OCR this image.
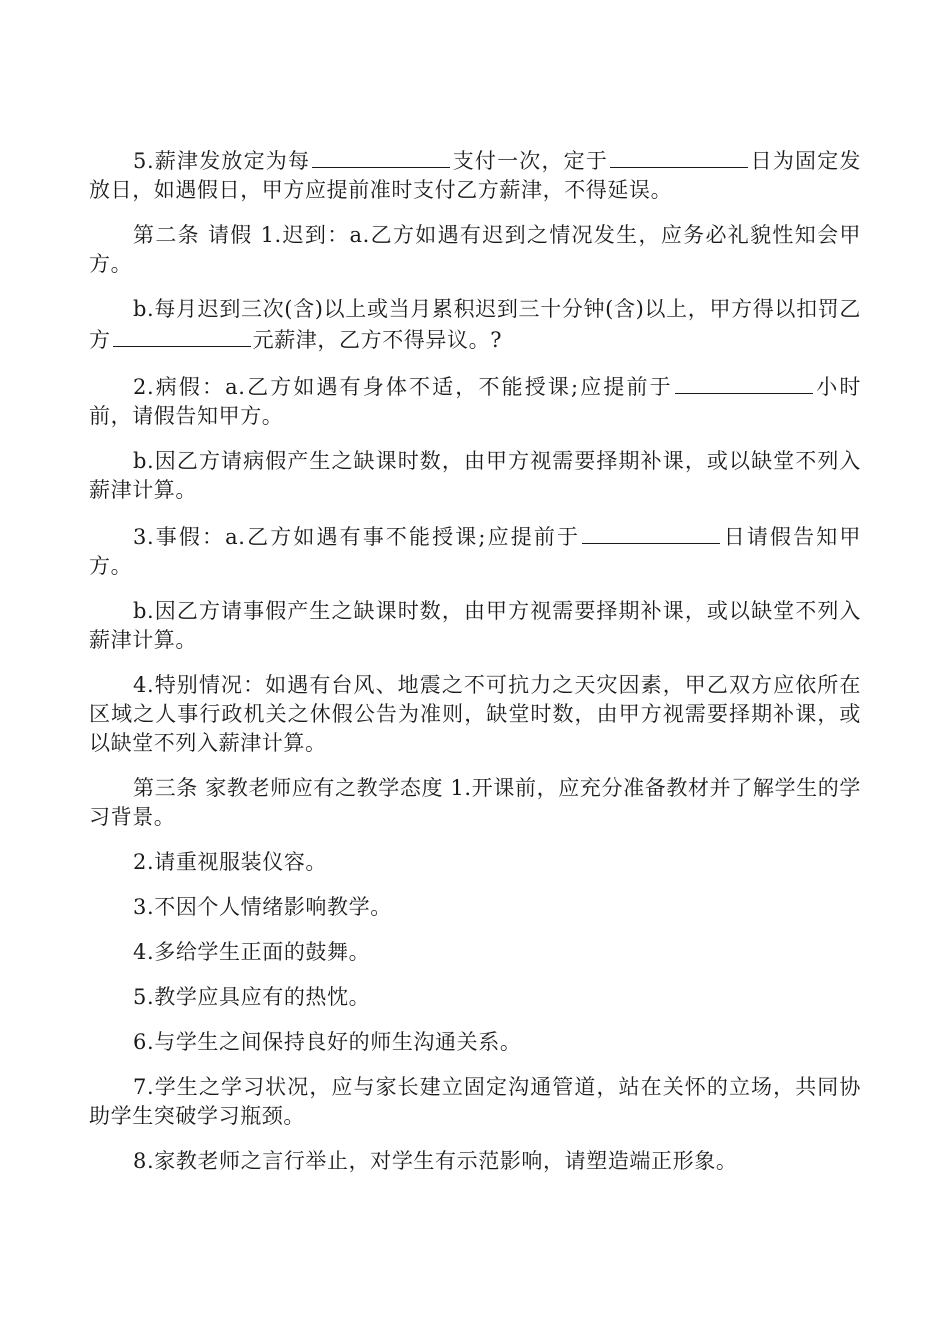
5.薪津发放定为每	支付一次，定于	日为固定发放日，如遇假日，甲方应提前准时支付乙方薪津，不得延误。

第二条 请假 1.迟到：a.乙方如遇有迟到之情况发生，应务必礼貌性知会甲方。

b.每月迟到三次(含)以上或当月累积迟到三十分钟(含)以上，甲方得以扣罚乙方	元薪津，乙方不得异议。?

2.病假：a.乙方如遇有身体不适，不能授课;应提前于	小时前，请假告知甲方。

b.因乙方请病假产生之缺课时数，由甲方视需要择期补课，或以缺堂不列入薪津计算。

3.事假：a.乙方如遇有事不能授课;应提前于	日请假告知甲方。

b.因乙方请事假产生之缺课时数，由甲方视需要择期补课，或以缺堂不列入薪津计算。

4.特别情况：如遇有台风、地震之不可抗力之天灾因素，甲乙双方应依所在区域之人事行政机关之休假公告为准则，缺堂时数，由甲方视需要择期补课，或以缺堂不列入薪津计算。

第三条 家教老师应有之教学态度 1.开课前，应充分准备教材并了解学生的学习背景。

2.请重视服装仪容。

3.不因个人情绪影响教学。

4.多给学生正面的鼓舞。

5.教学应具应有的热忱。

6.与学生之间保持良好的师生沟通关系。

7.学生之学习状况，应与家长建立固定沟通管道，站在关怀的立场，共同协助学生突破学习瓶颈。

8.家教老师之言行举止，对学生有示范影响，请塑造端正形象。
